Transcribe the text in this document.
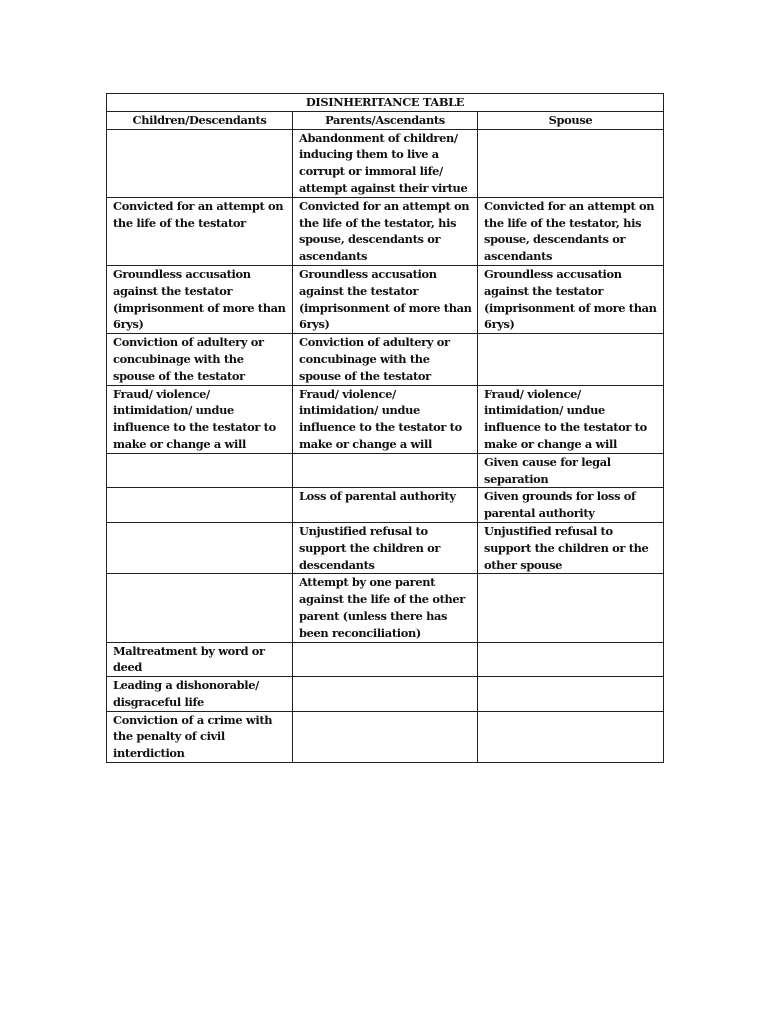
DISINHERITANCE TABLE		
Children/Descendants	Parents/Ascendants	Spouse
	Abandonment of children/ inducing them to live a corrupt or immoral life/ attempt against their virtue	
Convicted for an attempt on the life of the testator	Convicted for an attempt on the life of the testator, his spouse, descendants or ascendants	Convicted for an attempt on the life of the testator, his spouse, descendants or ascendants
Groundless accusation against the testator (imprisonment of more than 6rys)	Groundless accusation against the testator (imprisonment of more than 6rys)	Groundless accusation against the testator (imprisonment of more than 6rys)
Conviction of adultery or concubinage with the spouse of the testator	Conviction of adultery or concubinage with the spouse of the testator	
Fraud/ violence/ intimidation/ undue influence to the testator to make or change a will	Fraud/ violence/ intimidation/ undue influence to the testator to make or change a will	Fraud/ violence/ intimidation/ undue influence to the testator to make or change a will
		Given cause for legal separation
	Loss of parental authority	Given grounds for loss of parental authority
	Unjustified refusal to support the children or descendants	Unjustified refusal to support the children or the other spouse
	Attempt by one parent against the life of the other parent (unless there has been reconciliation)	
Maltreatment by word or deed		
Leading a dishonorable/ disgraceful life		
Conviction of a crime with the penalty of civil interdiction		
